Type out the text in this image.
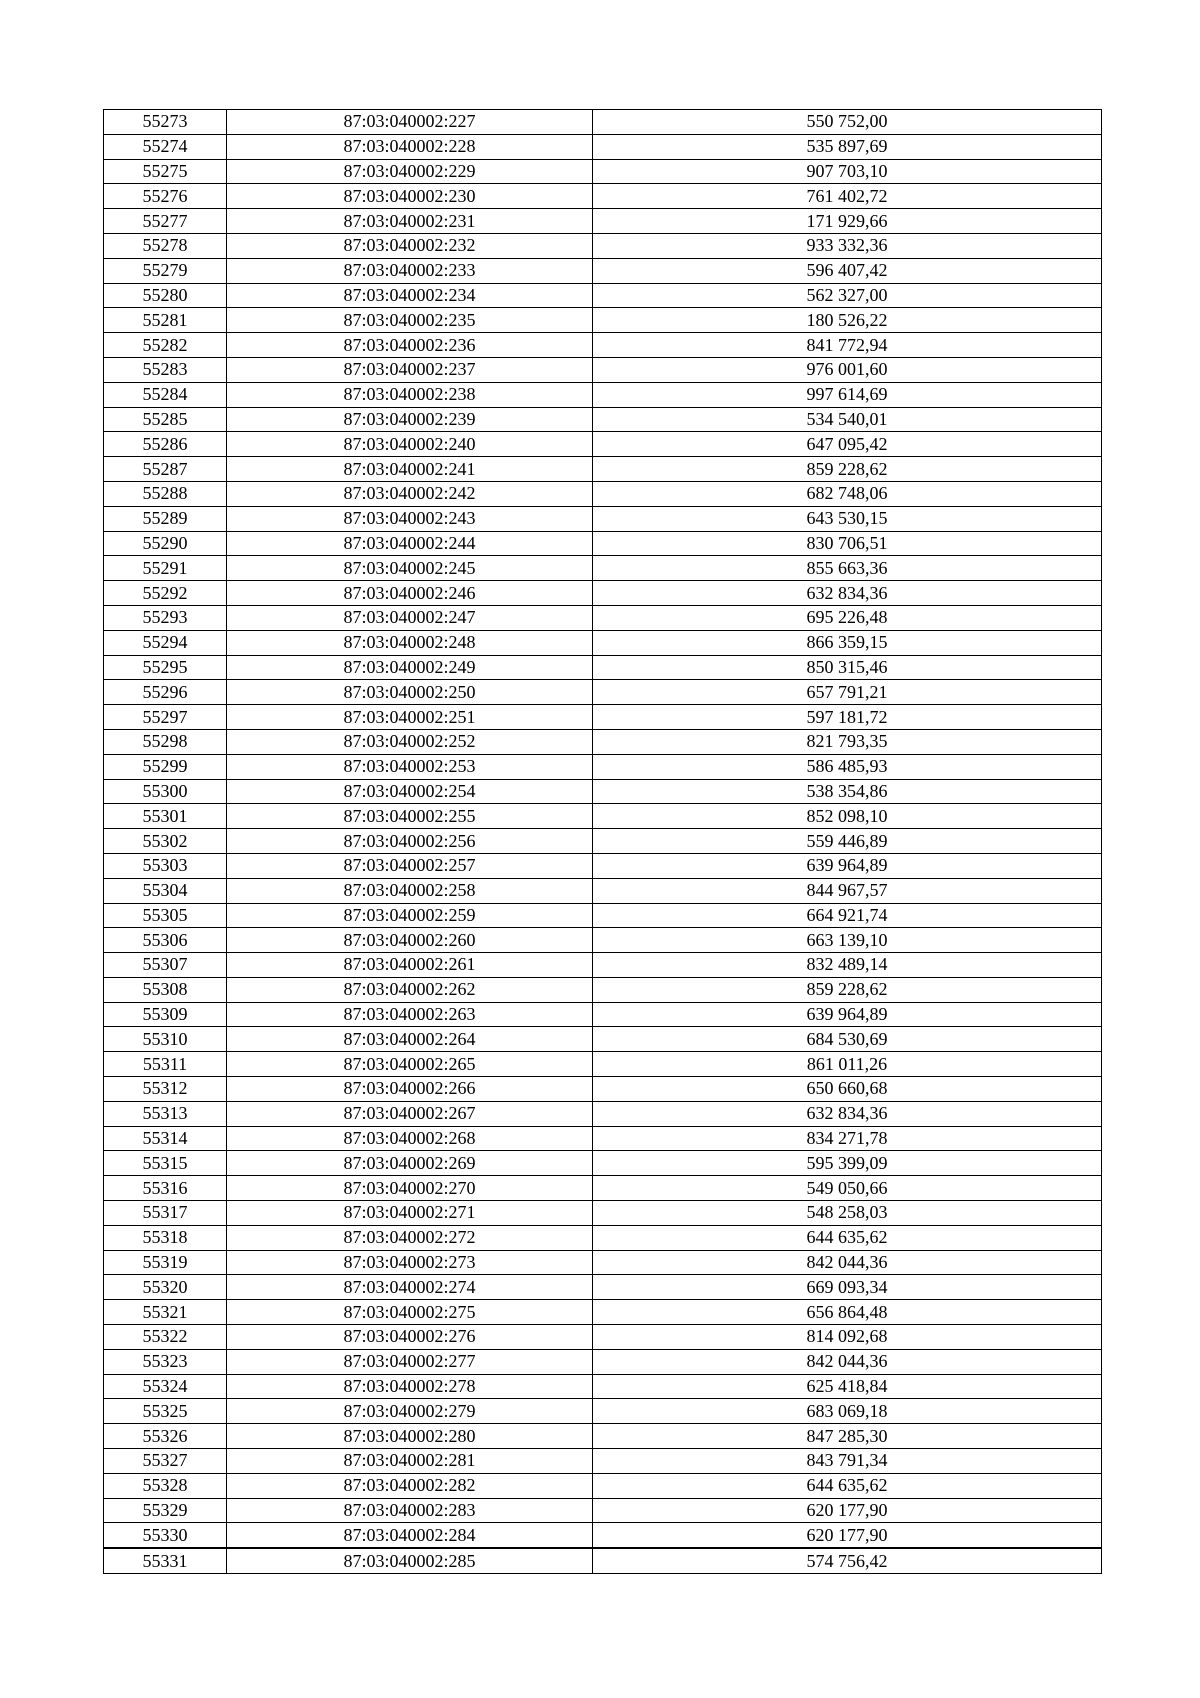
55273	87:03:040002:227	550 752,00
55274	87:03:040002:228	535 897,69
55275	87:03:040002:229	907 703,10
55276	87:03:040002:230	761 402,72
55277	87:03:040002:231	171 929,66
55278	87:03:040002:232	933 332,36
55279	87:03:040002:233	596 407,42
55280	87:03:040002:234	562 327,00
55281	87:03:040002:235	180 526,22
55282	87:03:040002:236	841 772,94
55283	87:03:040002:237	976 001,60
55284	87:03:040002:238	997 614,69
55285	87:03:040002:239	534 540,01
55286	87:03:040002:240	647 095,42
55287	87:03:040002:241	859 228,62
55288	87:03:040002:242	682 748,06
55289	87:03:040002:243	643 530,15
55290	87:03:040002:244	830 706,51
55291	87:03:040002:245	855 663,36
55292	87:03:040002:246	632 834,36
55293	87:03:040002:247	695 226,48
55294	87:03:040002:248	866 359,15
55295	87:03:040002:249	850 315,46
55296	87:03:040002:250	657 791,21
55297	87:03:040002:251	597 181,72
55298	87:03:040002:252	821 793,35
55299	87:03:040002:253	586 485,93
55300	87:03:040002:254	538 354,86
55301	87:03:040002:255	852 098,10
55302	87:03:040002:256	559 446,89
55303	87:03:040002:257	639 964,89
55304	87:03:040002:258	844 967,57
55305	87:03:040002:259	664 921,74
55306	87:03:040002:260	663 139,10
55307	87:03:040002:261	832 489,14
55308	87:03:040002:262	859 228,62
55309	87:03:040002:263	639 964,89
55310	87:03:040002:264	684 530,69
55311	87:03:040002:265	861 011,26
55312	87:03:040002:266	650 660,68
55313	87:03:040002:267	632 834,36
55314	87:03:040002:268	834 271,78
55315	87:03:040002:269	595 399,09
55316	87:03:040002:270	549 050,66
55317	87:03:040002:271	548 258,03
55318	87:03:040002:272	644 635,62
55319	87:03:040002:273	842 044,36
55320	87:03:040002:274	669 093,34
55321	87:03:040002:275	656 864,48
55322	87:03:040002:276	814 092,68
55323	87:03:040002:277	842 044,36
55324	87:03:040002:278	625 418,84
55325	87:03:040002:279	683 069,18
55326	87:03:040002:280	847 285,30
55327	87:03:040002:281	843 791,34
55328	87:03:040002:282	644 635,62
55329	87:03:040002:283	620 177,90
55330	87:03:040002:284	620 177,90
55331	87:03:040002:285	574 756,42
